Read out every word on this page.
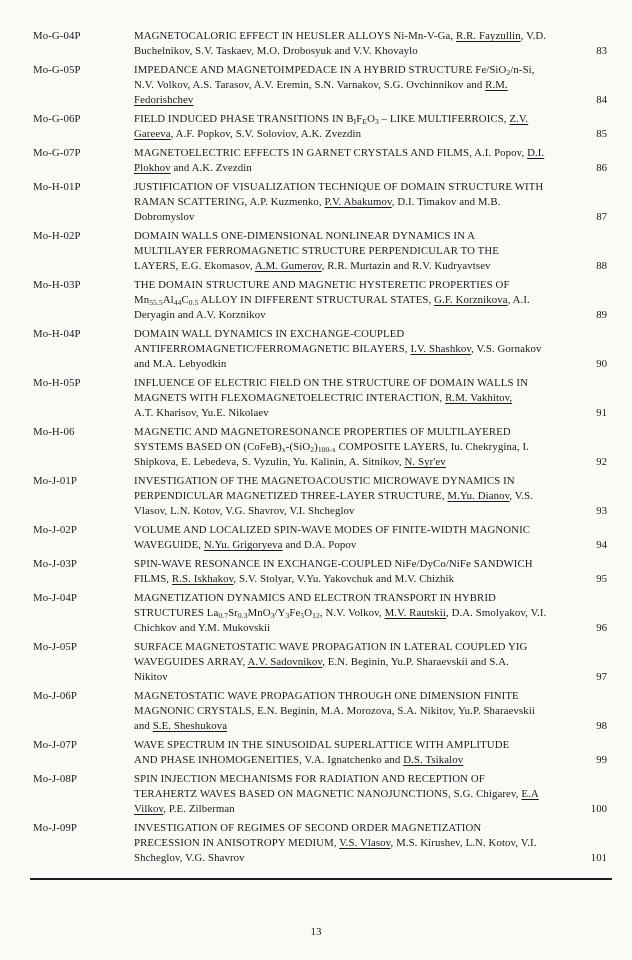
Mo-G-04P	MAGNETOCALORIC EFFECT IN HEUSLER ALLOYS Ni-Mn-V-Ga, R.R. Fayzullin, V.D.
Buchelnikov, S.V. Taskaev, M.O. Drobosyuk and V.V. Khovaylo	83
Mo-G-05P	IMPEDANCE AND MAGNETOIMPEDACE IN A HYBRID STRUCTURE Fe/SiO$_2$/n-Si,
N.V. Volkov, A.S. Tarasov, A.V. Eremin, S.N. Varnakov, S.G. Ovchinnikov and R.M.
Fedorishchev	84
Mo-G-06P	FIELD INDUCED PHASE TRANSITIONS IN $B_IF_EO_3$ – LIKE MULTIFERROICS, Z.V.
Gareeva, A.F. Popkov, S.V. Soloviov, A.K. Zvezdin	85
Mo-G-07P	MAGNETOELECTRIC EFFECTS IN GARNET CRYSTALS AND FILMS, A.I. Popov, D.I.
Plokhov and A.K. Zvezdin	86
Mo-H-01P	JUSTIFICATION OF VISUALIZATION TECHNIQUE OF DOMAIN STRUCTURE WITH
RAMAN SCATTERING, A.P. Kuzmenko, P.V. Abakumov, D.I. Timakov and M.B.
Dobromyslov	87
Mo-H-02P	DOMAIN WALLS ONE-DIMENSIONAL NONLINEAR DYNAMICS IN A
MULTILAYER FERROMAGNETIC STRUCTURE PERPENDICULAR TO THE
LAYERS, E.G. Ekomasov, A.M. Gumerov, R.R. Murtazin and R.V. Kudryavtsev	88
Mo-H-03P	THE DOMAIN STRUCTURE AND MAGNETIC HYSTERETIC PROPERTIES OF
$Mn_{55.5}Al_{44}C_{0.5}$ ALLOY IN DIFFERENT STRUCTURAL STATES, G.F. Korznikova, A.I.
Deryagin and A.V. Korznikov	89
Mo-H-04P	DOMAIN WALL DYNAMICS IN EXCHANGE-COUPLED
ANTIFERROMAGNETIC/FERROMAGNETIC BILAYERS, I.V. Shashkov, V.S. Gornakov
and M.A. Lebyodkin	90
Mo-H-05P	INFLUENCE OF ELECTRIC FIELD ON THE STRUCTURE OF DOMAIN WALLS IN
MAGNETS WITH FLEXOMAGNETOELECTRIC INTERACTION, R.M. Vakhitov,
A.T. Kharisov, Yu.E. Nikolaev	91
Mo-H-06	MAGNETIC AND MAGNETORESONANCE PROPERTIES OF MULTILAYERED
SYSTEMS BASED ON $(CoFeB)_x-(SiO_2)_{100-x}$ COMPOSITE LAYERS, Iu. Chekrygina, I.
Shipkova, E. Lebedeva, S. Vyzulin, Yu. Kalinin, A. Sitnikov, N. Syr'ev	92
Mo-J-01P	INVESTIGATION OF THE MAGNETOACOUSTIC MICROWAVE DYNAMICS IN
PERPENDICULAR MAGNETIZED THREE-LAYER STRUCTURE, M.Yu. Dianov, V.S.
Vlasov, L.N. Kotov, V.G. Shavrov, V.I. Shcheglov	93
Mo-J-02P	VOLUME AND LOCALIZED SPIN-WAVE MODES OF FINITE-WIDTH MAGNONIC
WAVEGUIDE, N.Yu. Grigoryeva and D.A. Popov	94
Mo-J-03P	SPIN-WAVE RESONANCE IN EXCHANGE-COUPLED NiFe/DyCo/NiFe SANDWICH
FILMS, R.S. Iskhakov, S.V. Stolyar, V.Yu. Yakovchuk and M.V. Chizhik	95
Mo-J-04P	MAGNETIZATION DYNAMICS AND ELECTRON TRANSPORT IN HYBRID
STRUCTURES $La_{0.7}Sr_{0.3}MnO_3/Y_3Fe_5O_{12}$, N.V. Volkov, M.V. Rautskii, D.A. Smolyakov, V.I.
Chichkov and Y.M. Mukovskii	96
Mo-J-05P	SURFACE MAGNETOSTATIC WAVE PROPAGATION IN LATERAL COUPLED YIG
WAVEGUIDES ARRAY, A.V. Sadovnikov, E.N. Beginin, Yu.P. Sharaevskii and S.A.
Nikitov	97
Mo-J-06P	MAGNETOSTATIC WAVE PROPAGATION THROUGH ONE DIMENSION FINITE
MAGNONIC CRYSTALS, E.N. Beginin, M.A. Morozova, S.A. Nikitov, Yu.P. Sharaevskii
and S.E. Sheshukova	98
Mo-J-07P	WAVE SPECTRUM IN THE SINUSOIDAL SUPERLATTICE WITH AMPLITUDE
AND PHASE INHOMOGENEITIES, V.A. Ignatchenko and D.S. Tsikalov	99
Mo-J-08P	SPIN INJECTION MECHANISMS FOR RADIATION AND RECEPTION OF
TERAHERTZ WAVES BASED ON MAGNETIC NANOJUNCTIONS, S.G. Chigarev, E.A
Vilkov, P.E. Zilberman	100
Mo-J-09P	INVESTIGATION OF REGIMES OF SECOND ORDER MAGNETIZATION
PRECESSION IN ANISOTROPY MEDIUM, V.S. Vlasov, M.S. Kirushev, L.N. Kotov, V.I.
Shcheglov, V.G. Shavrov	101
13
